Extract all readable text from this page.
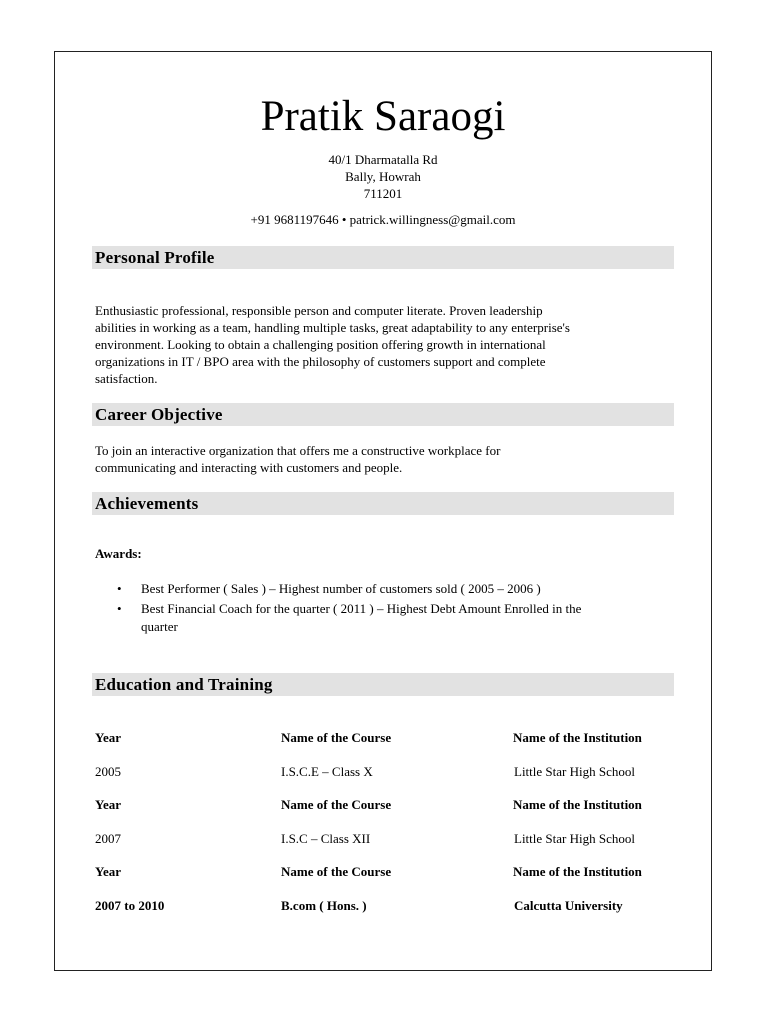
Pratik Saraogi
40/1 Dharmatalla Rd
Bally, Howrah
711201
+91 9681197646 • patrick.willingness@gmail.com
Personal Profile
Enthusiastic professional, responsible person and computer literate. Proven leadership
abilities in working as a team, handling multiple tasks, great adaptability to any enterprise's
environment. Looking to obtain a challenging position offering growth in international
organizations in IT / BPO area with the philosophy of customers support and complete
satisfaction.
Career Objective
To join an interactive organization that offers me a constructive workplace for
communicating and interacting with customers and people.
Achievements
Awards:
• Best Performer ( Sales ) – Highest number of customers sold ( 2005 – 2006 )
• Best Financial Coach for the quarter ( 2011 ) – Highest Debt Amount Enrolled in the
quarter
Education and Training
Year	Name of the Course	Name of the Institution
2005	I.S.C.E – Class X	Little Star High School
Year	Name of the Course	Name of the Institution
2007	I.S.C – Class XII	Little Star High School
Year	Name of the Course	Name of the Institution
2007 to 2010	B.com ( Hons. )	Calcutta University
